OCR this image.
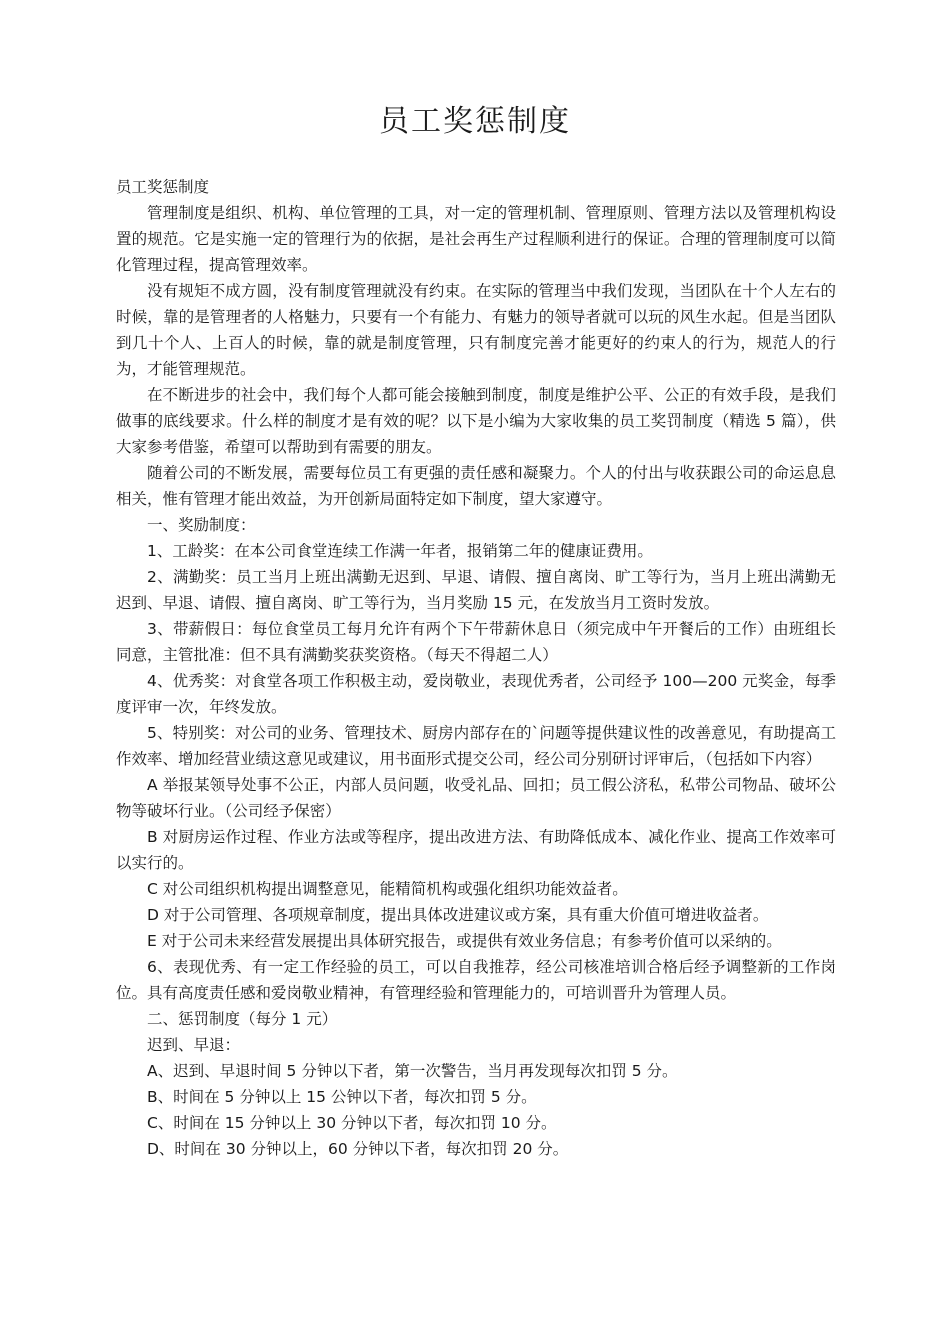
员工奖惩制度

员工奖惩制度

管理制度是组织、机构、单位管理的工具，对一定的管理机制、管理原则、管理方法以及管理机构设置的规范。它是实施一定的管理行为的依据，是社会再生产过程顺利进行的保证。合理的管理制度可以简化管理过程，提高管理效率。

没有规矩不成方圆，没有制度管理就没有约束。在实际的管理当中我们发现，当团队在十个人左右的时候，靠的是管理者的人格魅力，只要有一个有能力、有魅力的领导者就可以玩的风生水起。但是当团队到几十个人、上百人的时候，靠的就是制度管理，只有制度完善才能更好的约束人的行为，规范人的行为，才能管理规范。

在不断进步的社会中，我们每个人都可能会接触到制度，制度是维护公平、公正的有效手段，是我们做事的底线要求。什么样的制度才是有效的呢？以下是小编为大家收集的员工奖罚制度（精选 5 篇），供大家参考借鉴，希望可以帮助到有需要的朋友。

随着公司的不断发展，需要每位员工有更强的责任感和凝聚力。个人的付出与收获跟公司的命运息息相关，惟有管理才能出效益，为开创新局面特定如下制度，望大家遵守。

一、奖励制度：

1、工龄奖：在本公司食堂连续工作满一年者，报销第二年的健康证费用。

2、满勤奖：员工当月上班出满勤无迟到、早退、请假、擅自离岗、旷工等行为，当月上班出满勤无迟到、早退、请假、擅自离岗、旷工等行为，当月奖励 15 元，在发放当月工资时发放。

3、带薪假日：每位食堂员工每月允许有两个下午带薪休息日（须完成中午开餐后的工作）由班组长同意，主管批准：但不具有满勤奖获奖资格。（每天不得超二人）

4、优秀奖：对食堂各项工作积极主动，爱岗敬业，表现优秀者，公司经予 100—200 元奖金，每季度评审一次，年终发放。

5、特别奖：对公司的业务、管理技术、厨房内部存在的`问题等提供建议性的改善意见，有助提高工作效率、增加经营业绩这意见或建议，用书面形式提交公司，经公司分别研讨评审后，（包括如下内容）

A 举报某领导处事不公正，内部人员问题，收受礼品、回扣；员工假公济私，私带公司物品、破坏公物等破坏行业。（公司经予保密）

B 对厨房运作过程、作业方法或等程序，提出改进方法、有助降低成本、减化作业、提高工作效率可以实行的。

C 对公司组织机构提出调整意见，能精简机构或强化组织功能效益者。

D 对于公司管理、各项规章制度，提出具体改进建议或方案，具有重大价值可增进收益者。

E 对于公司未来经营发展提出具体研究报告，或提供有效业务信息；有参考价值可以采纳的。

6、表现优秀、有一定工作经验的员工，可以自我推荐，经公司核准培训合格后经予调整新的工作岗位。具有高度责任感和爱岗敬业精神，有管理经验和管理能力的，可培训晋升为管理人员。

二、惩罚制度（每分 1 元）

迟到、早退：

A、迟到、早退时间 5 分钟以下者，第一次警告，当月再发现每次扣罚 5 分。

B、时间在 5 分钟以上 15 公钟以下者，每次扣罚 5 分。

C、时间在 15 分钟以上 30 分钟以下者，每次扣罚 10 分。

D、时间在 30 分钟以上，60 分钟以下者，每次扣罚 20 分。
